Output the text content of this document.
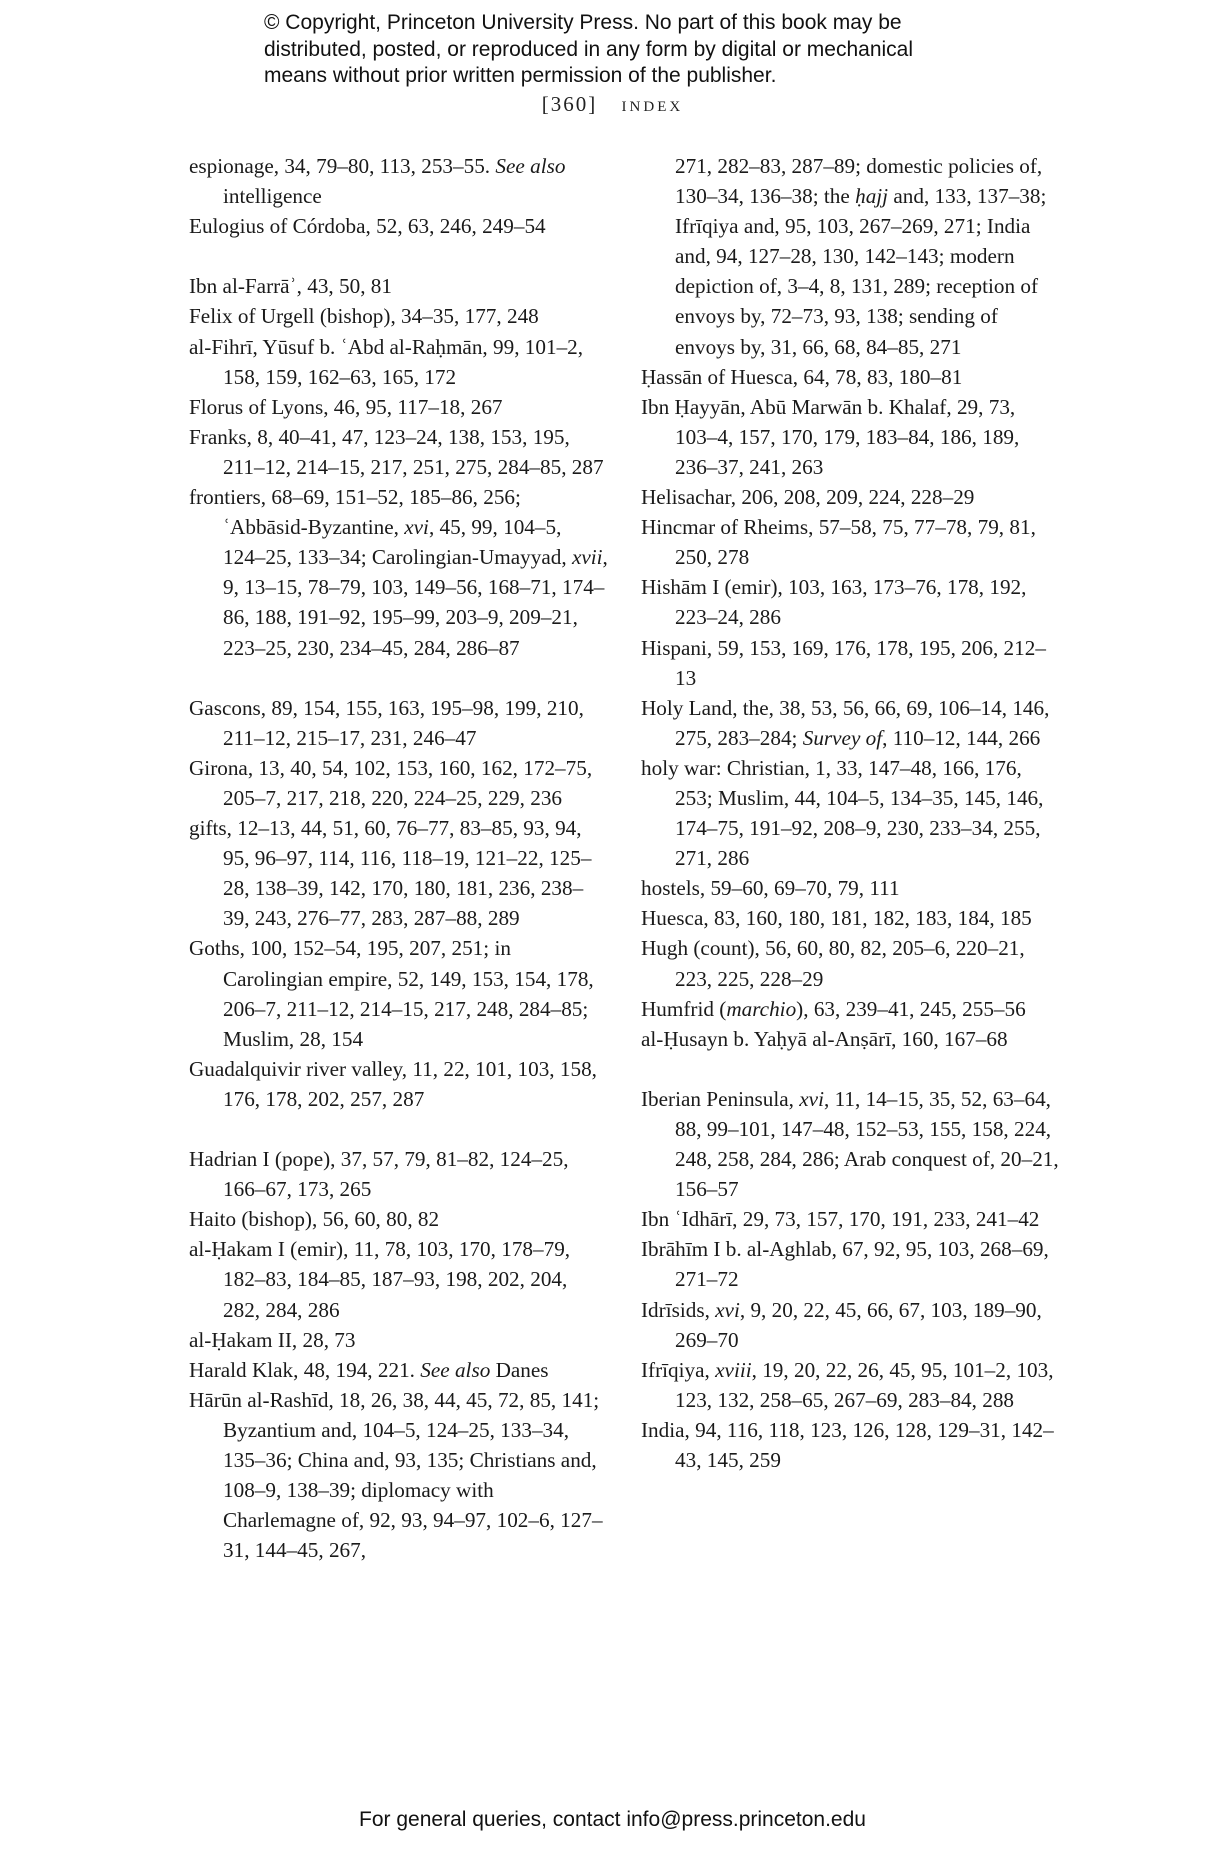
© Copyright, Princeton University Press. No part of this book may be
distributed, posted, or reproduced in any form by digital or mechanical
means without prior written permission of the publisher.
[360] index
espionage, 34, 79–80, 113, 253–55. See also intelligence
Eulogius of Córdoba, 52, 63, 246, 249–54
Ibn al-Farrāʾ, 43, 50, 81
Felix of Urgell (bishop), 34–35, 177, 248
al-Fihrī, Yūsuf b. ʿAbd al-Raḥmān, 99, 101–2, 158, 159, 162–63, 165, 172
Florus of Lyons, 46, 95, 117–18, 267
Franks, 8, 40–41, 47, 123–24, 138, 153, 195, 211–12, 214–15, 217, 251, 275, 284–85, 287
frontiers, 68–69, 151–52, 185–86, 256; ʿAbbāsid-Byzantine, xvi, 45, 99, 104–5, 124–25, 133–34; Carolingian-Umayyad, xvii, 9, 13–15, 78–79, 103, 149–56, 168–71, 174–86, 188, 191–92, 195–99, 203–9, 209–21, 223–25, 230, 234–45, 284, 286–87
Gascons, 89, 154, 155, 163, 195–98, 199, 210, 211–12, 215–17, 231, 246–47
Girona, 13, 40, 54, 102, 153, 160, 162, 172–75, 205–7, 217, 218, 220, 224–25, 229, 236
gifts, 12–13, 44, 51, 60, 76–77, 83–85, 93, 94, 95, 96–97, 114, 116, 118–19, 121–22, 125–28, 138–39, 142, 170, 180, 181, 236, 238–39, 243, 276–77, 283, 287–88, 289
Goths, 100, 152–54, 195, 207, 251; in Carolingian empire, 52, 149, 153, 154, 178, 206–7, 211–12, 214–15, 217, 248, 284–85; Muslim, 28, 154
Guadalquivir river valley, 11, 22, 101, 103, 158, 176, 178, 202, 257, 287
Hadrian I (pope), 37, 57, 79, 81–82, 124–25, 166–67, 173, 265
Haito (bishop), 56, 60, 80, 82
al-Ḥakam I (emir), 11, 78, 103, 170, 178–79, 182–83, 184–85, 187–93, 198, 202, 204, 282, 284, 286
al-Ḥakam II, 28, 73
Harald Klak, 48, 194, 221. See also Danes
Hārūn al-Rashīd, 18, 26, 38, 44, 45, 72, 85, 141; Byzantium and, 104–5, 124–25, 133–34, 135–36; China and, 93, 135; Christians and, 108–9, 138–39; diplomacy with Charlemagne of, 92, 93, 94–97, 102–6, 127–31, 144–45, 267,
271, 282–83, 287–89; domestic policies of, 130–34, 136–38; the ḥajj and, 133, 137–38; Ifrīqiya and, 95, 103, 267–269, 271; India and, 94, 127–28, 130, 142–143; modern depiction of, 3–4, 8, 131, 289; reception of envoys by, 72–73, 93, 138; sending of envoys by, 31, 66, 68, 84–85, 271
Ḥassān of Huesca, 64, 78, 83, 180–81
Ibn Ḥayyān, Abū Marwān b. Khalaf, 29, 73, 103–4, 157, 170, 179, 183–84, 186, 189, 236–37, 241, 263
Helisachar, 206, 208, 209, 224, 228–29
Hincmar of Rheims, 57–58, 75, 77–78, 79, 81, 250, 278
Hishām I (emir), 103, 163, 173–76, 178, 192, 223–24, 286
Hispani, 59, 153, 169, 176, 178, 195, 206, 212–13
Holy Land, the, 38, 53, 56, 66, 69, 106–14, 146, 275, 283–284; Survey of, 110–12, 144, 266
holy war: Christian, 1, 33, 147–48, 166, 176, 253; Muslim, 44, 104–5, 134–35, 145, 146, 174–75, 191–92, 208–9, 230, 233–34, 255, 271, 286
hostels, 59–60, 69–70, 79, 111
Huesca, 83, 160, 180, 181, 182, 183, 184, 185
Hugh (count), 56, 60, 80, 82, 205–6, 220–21, 223, 225, 228–29
Humfrid (marchio), 63, 239–41, 245, 255–56
al-Ḥusayn b. Yaḥyā al-Anṣārī, 160, 167–68
Iberian Peninsula, xvi, 11, 14–15, 35, 52, 63–64, 88, 99–101, 147–48, 152–53, 155, 158, 224, 248, 258, 284, 286; Arab conquest of, 20–21, 156–57
Ibn ʿIdhārī, 29, 73, 157, 170, 191, 233, 241–42
Ibrāhīm I b. al-Aghlab, 67, 92, 95, 103, 268–69, 271–72
Idrīsids, xvi, 9, 20, 22, 45, 66, 67, 103, 189–90, 269–70
Ifrīqiya, xviii, 19, 20, 22, 26, 45, 95, 101–2, 103, 123, 132, 258–65, 267–69, 283–84, 288
India, 94, 116, 118, 123, 126, 128, 129–31, 142–43, 145, 259
For general queries, contact info@press.princeton.edu
